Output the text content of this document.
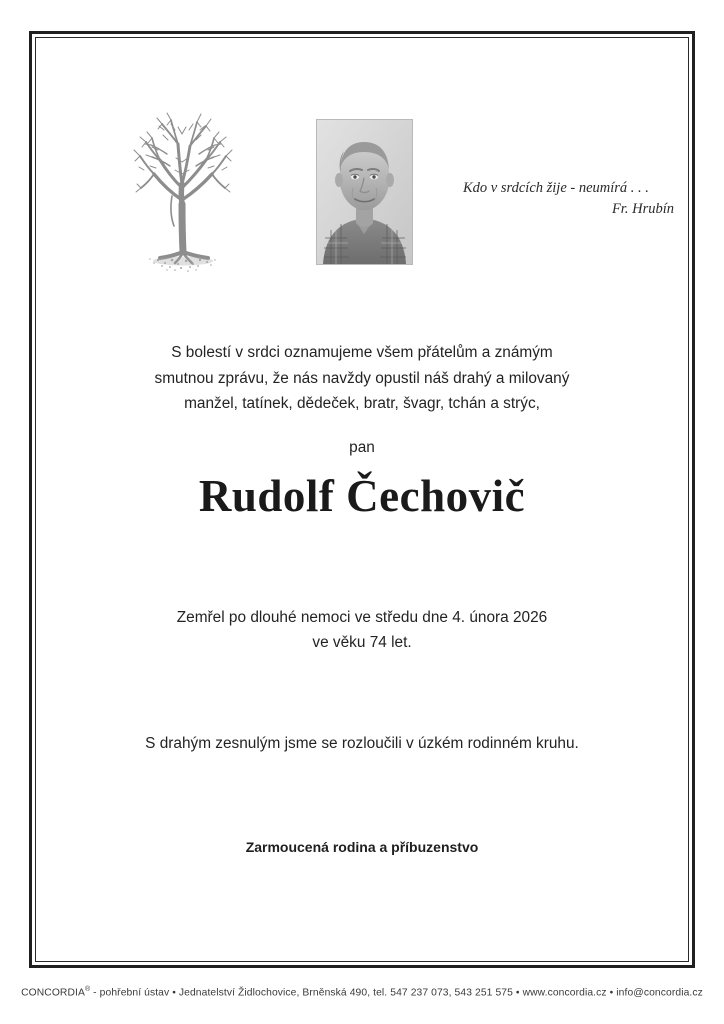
Kdo v srdcích žije - neumírá . . .
Fr. Hrubín
S bolestí v srdci oznamujeme všem přátelům a známým
smutnou zprávu, že nás navždy opustil náš drahý a milovaný
manžel, tatínek, dědeček, bratr, švagr, tchán a strýc,
pan
Rudolf Čechovič
Zemřel po dlouhé nemoci ve středu dne 4. února 2026
ve věku 74 let.
S drahým zesnulým jsme se rozloučili v úzkém rodinném kruhu.
Zarmoucená rodina a příbuzenstvo
CONCORDIA® - pohřební ústav • Jednatelství Židlochovice, Brněnská 490, tel. 547 237 073, 543 251 575 • www.concordia.cz • info@concordia.cz
